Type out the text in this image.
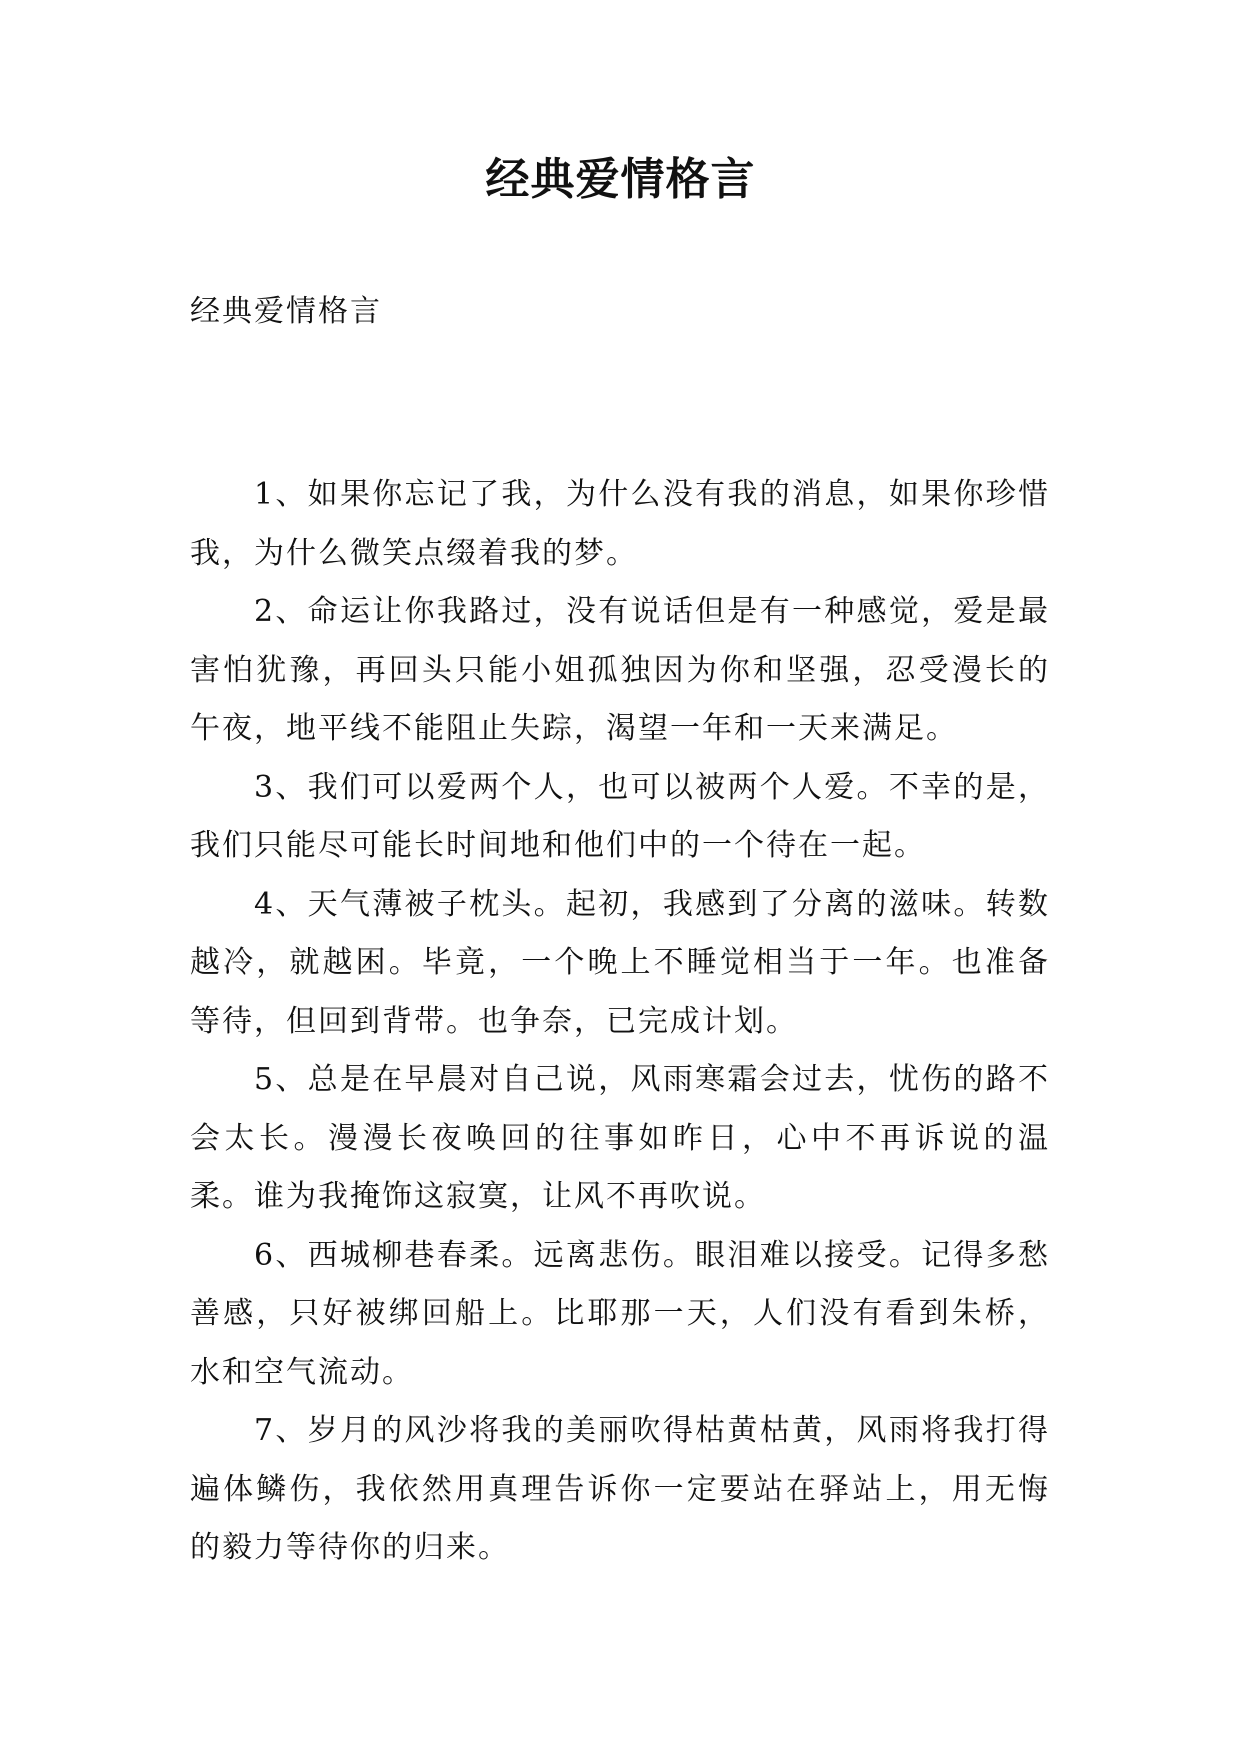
经典爱情格言

经典爱情格言

1、如果你忘记了我，为什么没有我的消息，如果你珍惜我，为什么微笑点缀着我的梦。

2、命运让你我路过，没有说话但是有一种感觉，爱是最害怕犹豫，再回头只能小姐孤独因为你和坚强，忍受漫长的午夜，地平线不能阻止失踪，渴望一年和一天来满足。

3、我们可以爱两个人，也可以被两个人爱。不幸的是，我们只能尽可能长时间地和他们中的一个待在一起。

4、天气薄被子枕头。起初，我感到了分离的滋味。转数越冷，就越困。毕竟，一个晚上不睡觉相当于一年。也准备等待，但回到背带。也争奈，已完成计划。

5、总是在早晨对自己说，风雨寒霜会过去，忧伤的路不会太长。漫漫长夜唤回的往事如昨日，心中不再诉说的温柔。谁为我掩饰这寂寞，让风不再吹说。

6、西城柳巷春柔。远离悲伤。眼泪难以接受。记得多愁善感，只好被绑回船上。比耶那一天，人们没有看到朱桥，水和空气流动。

7、岁月的风沙将我的美丽吹得枯黄枯黄，风雨将我打得遍体鳞伤，我依然用真理告诉你一定要站在驿站上，用无悔的毅力等待你的归来。
